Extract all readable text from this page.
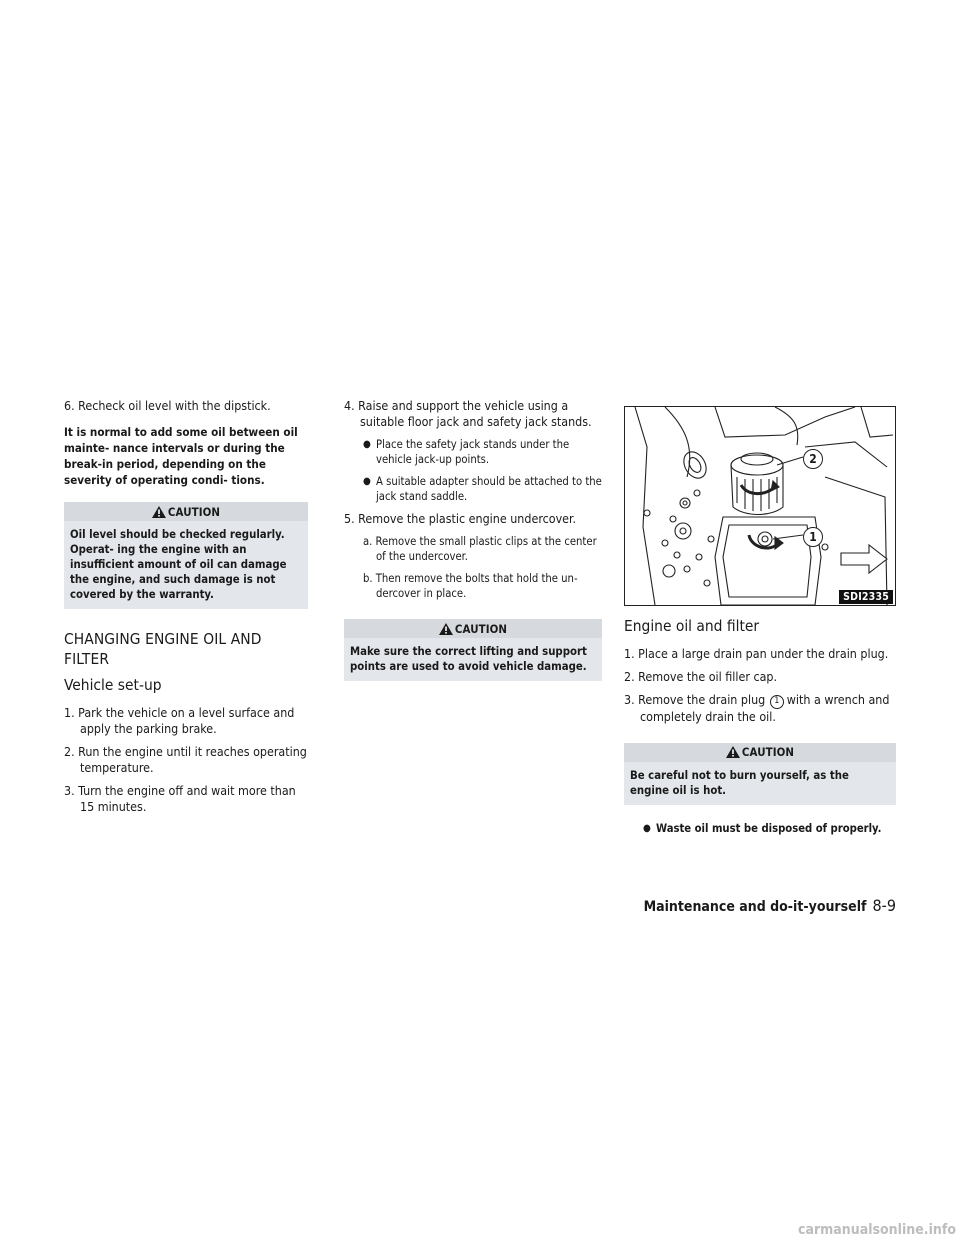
6. Recheck oil level with the dipstick.

It is normal to add some oil between oil mainte- nance intervals or during the break-in period, depending on the severity of operating condi- tions.

CAUTION
Oil level should be checked regularly. Operat- ing the engine with an insufficient amount of oil can damage the engine, and such damage is not covered by the warranty.
CHANGING ENGINE OIL AND FILTER
Vehicle set-up

1. Park the vehicle on a level surface and apply the parking brake.

2. Run the engine until it reaches operating temperature.

3. Turn the engine off and wait more than 15 minutes.

4. Raise and support the vehicle using a suitable floor jack and safety jack stands.

● Place the safety jack stands under the vehicle jack-up points.
● A suitable adapter should be attached to the jack stand saddle.

5. Remove the plastic engine undercover.

a. Remove the small plastic clips at the center of the undercover.

b. Then remove the bolts that hold the un- dercover in place.

CAUTION
Make sure the correct lifting and support points are used to avoid vehicle damage.
2
1
SDI2335
Engine oil and filter

1. Place a large drain pan under the drain plug.

2. Remove the oil filler cap.

3. Remove the drain plug 1 with a wrench and completely drain the oil.

CAUTION
Be careful not to burn yourself, as the engine oil is hot.
● Waste oil must be disposed of properly.
Maintenance and do-it-yourself 8-9
carmanualsonline.info
